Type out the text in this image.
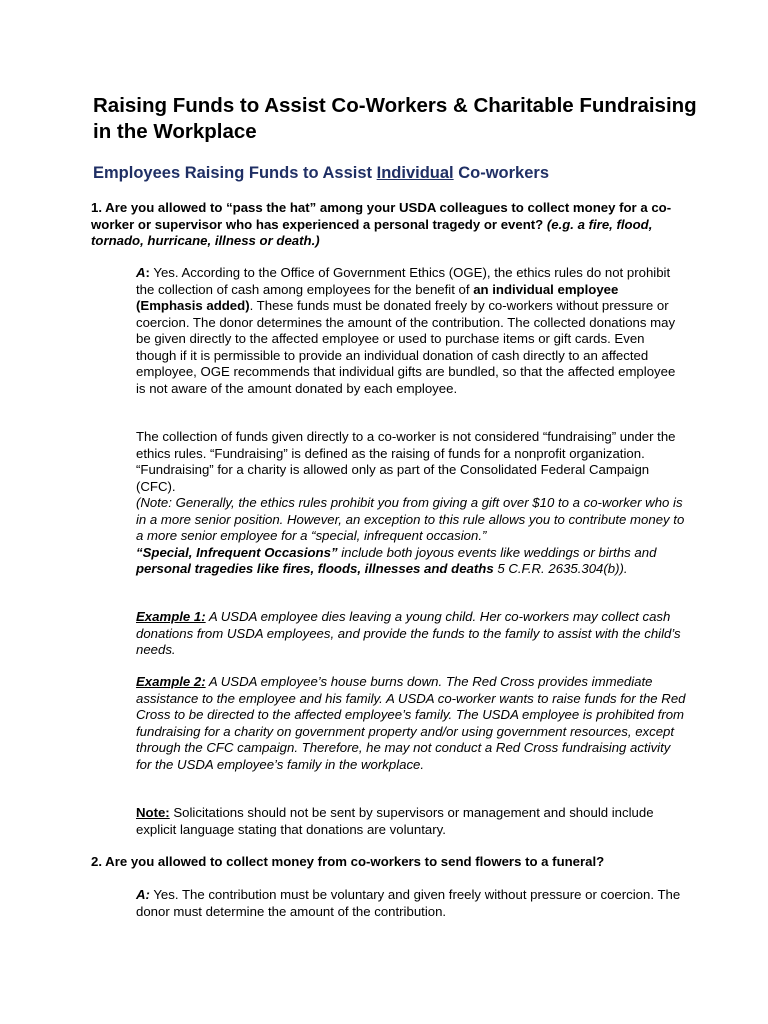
Raising Funds to Assist Co-Workers & Charitable Fundraising in the Workplace
Employees Raising Funds to Assist Individual Co-workers
1. Are you allowed to “pass the hat” among your USDA colleagues to collect money for a co-worker or supervisor who has experienced a personal tragedy or event? (e.g. a fire, flood, tornado, hurricane, illness or death.)
A: Yes. According to the Office of Government Ethics (OGE), the ethics rules do not prohibit the collection of cash among employees for the benefit of an individual employee (Emphasis added). These funds must be donated freely by co-workers without pressure or coercion. The donor determines the amount of the contribution. The collected donations may be given directly to the affected employee or used to purchase items or gift cards. Even though if it is permissible to provide an individual donation of cash directly to an affected employee, OGE recommends that individual gifts are bundled, so that the affected employee is not aware of the amount donated by each employee.
The collection of funds given directly to a co-worker is not considered “fundraising” under the ethics rules. “Fundraising” is defined as the raising of funds for a nonprofit organization. “Fundraising” for a charity is allowed only as part of the Consolidated Federal Campaign (CFC).
(Note: Generally, the ethics rules prohibit you from giving a gift over $10 to a co-worker who is in a more senior position. However, an exception to this rule allows you to contribute money to a more senior employee for a “special, infrequent occasion.”
“Special, Infrequent Occasions” include both joyous events like weddings or births and personal tragedies like fires, floods, illnesses and deaths 5 C.F.R. 2635.304(b)).
Example 1: A USDA employee dies leaving a young child. Her co-workers may collect cash donations from USDA employees, and provide the funds to the family to assist with the child’s needs.
Example 2: A USDA employee’s house burns down. The Red Cross provides immediate assistance to the employee and his family. A USDA co-worker wants to raise funds for the Red Cross to be directed to the affected employee’s family. The USDA employee is prohibited from fundraising for a charity on government property and/or using government resources, except through the CFC campaign. Therefore, he may not conduct a Red Cross fundraising activity for the USDA employee’s family in the workplace.
Note: Solicitations should not be sent by supervisors or management and should include explicit language stating that donations are voluntary.
2. Are you allowed to collect money from co-workers to send flowers to a funeral?
A: Yes. The contribution must be voluntary and given freely without pressure or coercion. The donor must determine the amount of the contribution.
